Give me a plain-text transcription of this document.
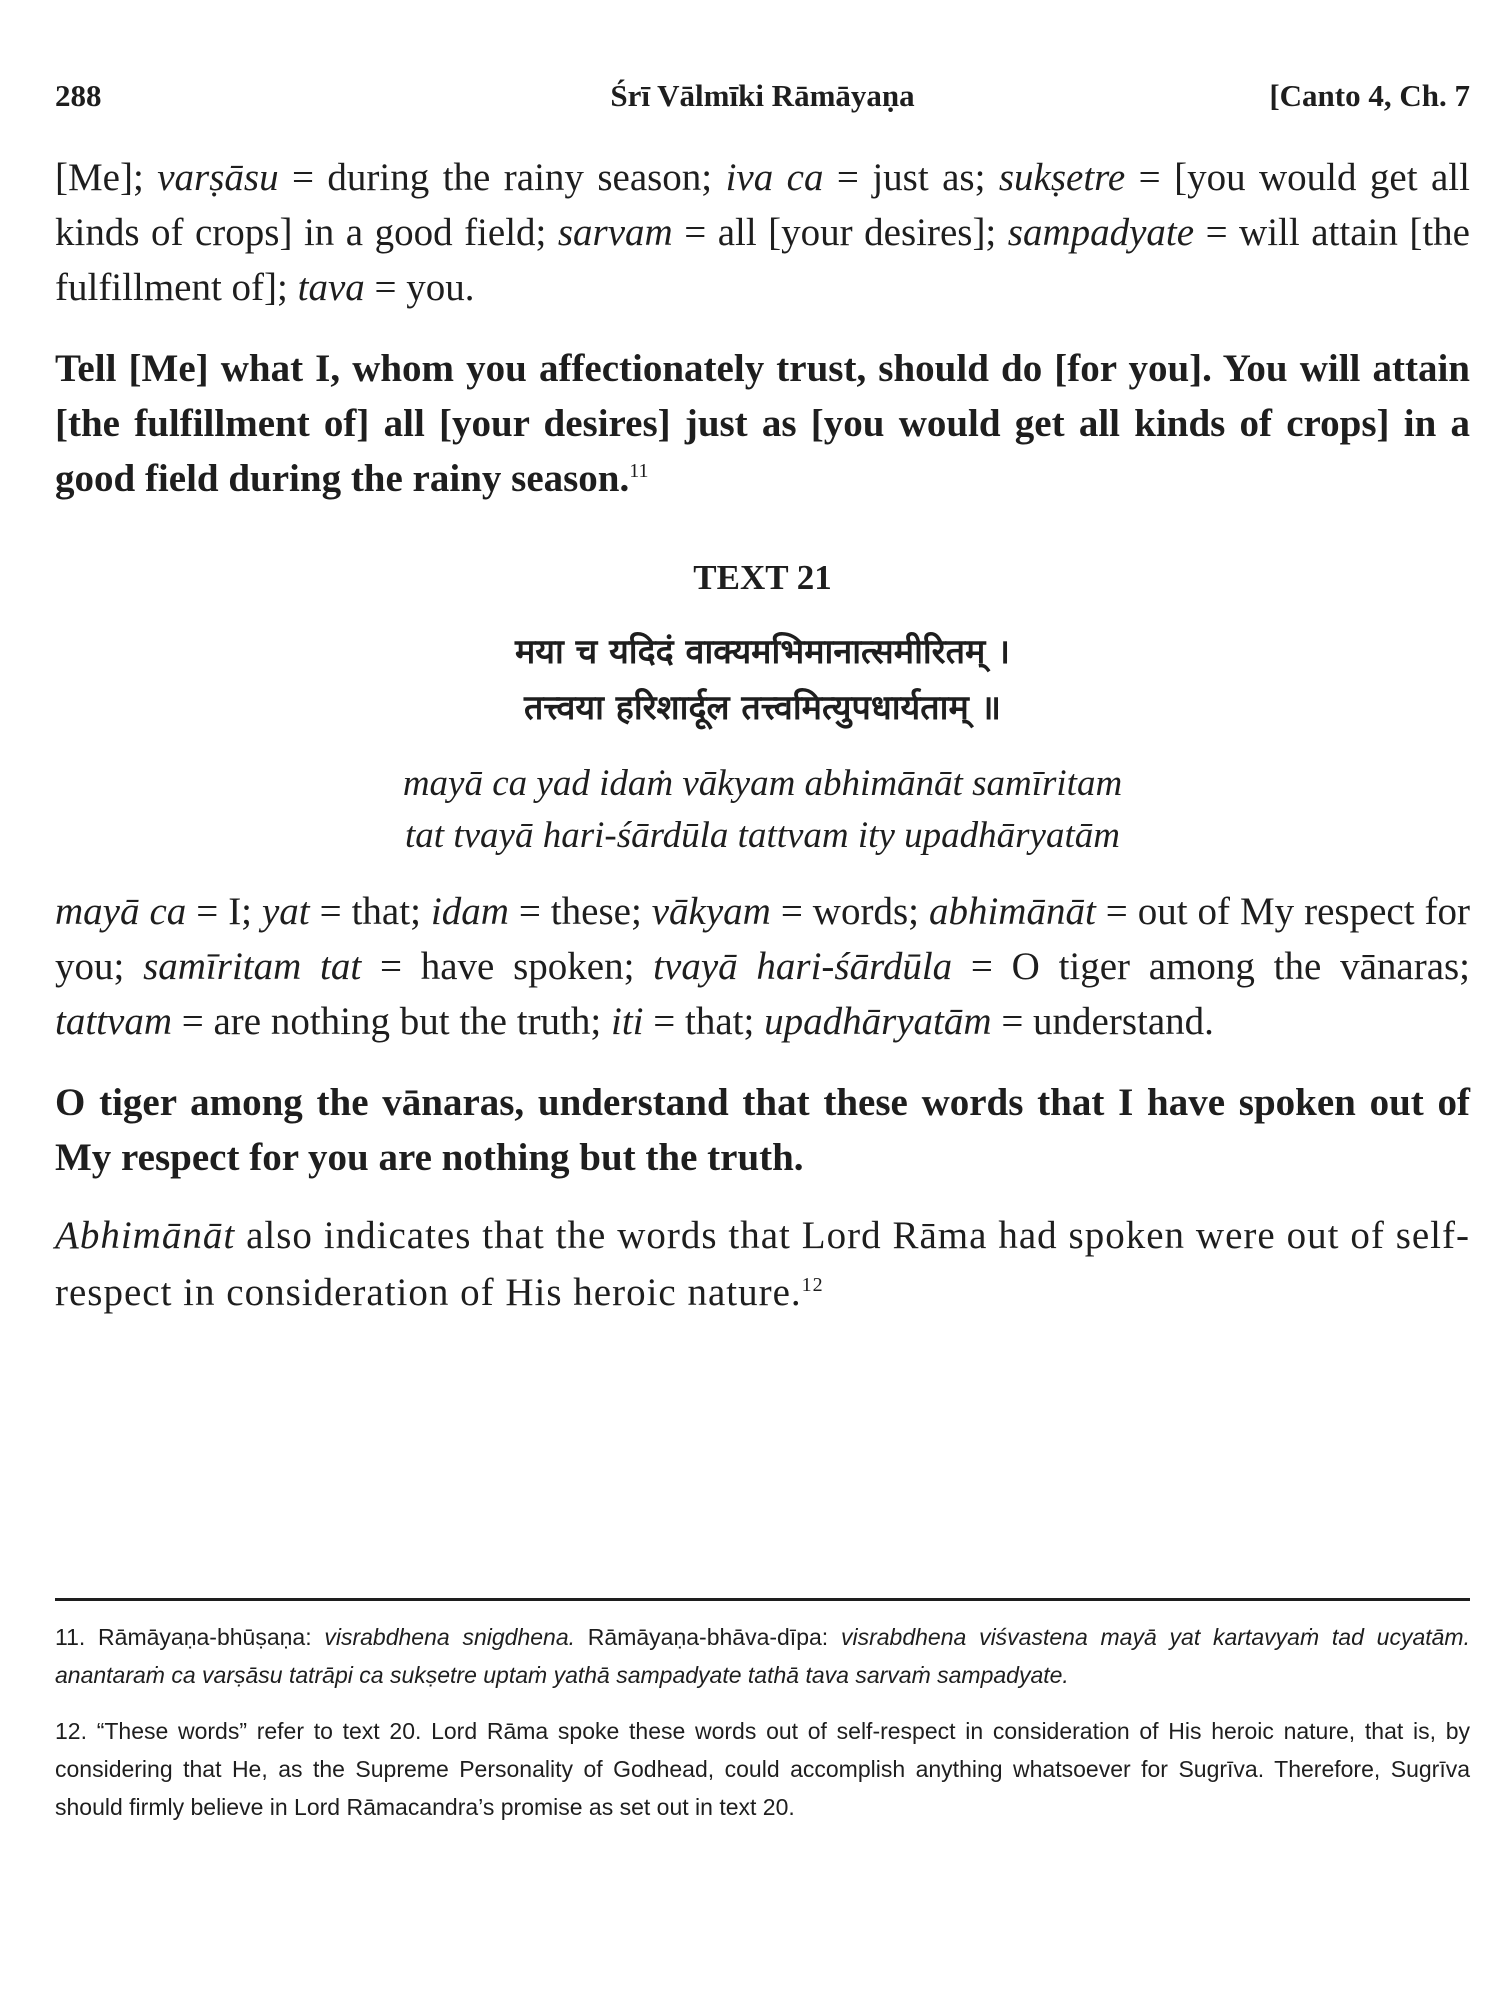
288	Śrī Vālmīki Rāmāyaṇa	[Canto 4, Ch. 7

[Me]; varṣāsu = during the rainy season; iva ca = just as; sukṣetre = [you would get all kinds of crops] in a good field; sarvam = all [your desires]; sampadyate = will attain [the fulfillment of]; tava = you.

Tell [Me] what I, whom you affectionately trust, should do [for you]. You will attain [the fulfillment of] all [your desires] just as [you would get all kinds of crops] in a good field during the rainy season.$^{11}$

TEXT 21

मया च यदिदं वाक्यमभिमानात्समीरितम् ।

तत्त्वया हरिशार्दूल तत्त्वमित्युपधार्यताम् ॥

mayā ca yad idaṁ vākyam abhimānāt samīritam

tat tvayā hari-śārdūla tattvam ity upadhāryatām

mayā ca = I; yat = that; idam = these; vākyam = words; abhimānāt = out of My respect for you; samīritam tat = have spoken; tvayā hari-śārdūla = O tiger among the vānaras; tattvam = are nothing but the truth; iti = that; upadhāryatām = understand.

O tiger among the vānaras, understand that these words that I have spoken out of My respect for you are nothing but the truth.

Abhimānāt also indicates that the words that Lord Rāma had spoken were out of self-respect in consideration of His heroic nature.$^{12}$

11. Rāmāyaṇa-bhūṣaṇa: visrabdhena snigdhena. Rāmāyaṇa-bhāva-dīpa: visrabdhena viśvastena mayā yat kartavyaṁ tad ucyatām. anantaraṁ ca varṣāsu tatrāpi ca sukṣetre uptaṁ yathā sampadyate tathā tava sarvaṁ sampadyate.

12. “These words” refer to text 20. Lord Rāma spoke these words out of self-respect in consideration of His heroic nature, that is, by considering that He, as the Supreme Personality of Godhead, could accomplish anything whatsoever for Sugrīva. Therefore, Sugrīva should firmly believe in Lord Rāmacandra’s promise as set out in text 20.
